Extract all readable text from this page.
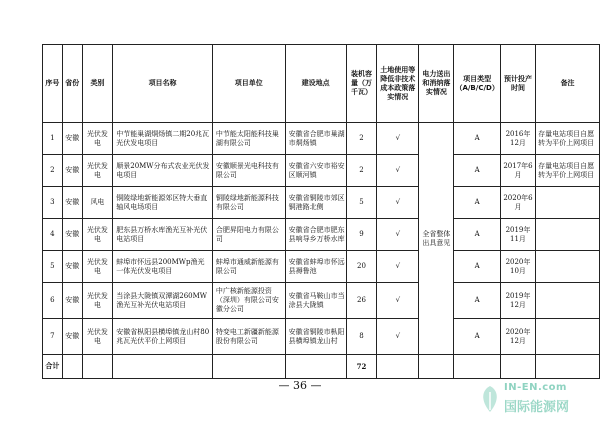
序号	省份	类别	项目名称	项目单位	建设地点	装机容量（万千瓦）	土地使用等降低非技术成本政策落实情况	电力送出和消纳落实情况	项目类型（A/B/C/D）	预计投产时间	备注
1	安徽	光伏发电	中节能巢湖烔炀镇二期20兆瓦光伏发电项目	中节能太阳能科技巢湖有限公司	安徽省合肥市巢湖市烔炀镇	2	√	全省整体出具意见	A	2016年12月	存量电站项目自愿转为平价上网项目
2	安徽	光伏发电	顺景20MW分布式农业光伏发电项目	安徽顺景光电科技有限公司	安徽省六安市裕安区顺河镇	2	√		A	2017年6月	存量电站项目自愿转为平价上网项目
3	安徽	风电	铜陵绿地新能源郊区特大垂直轴风电场项目	铜陵绿地新能源科技有限公司	安徽省铜陵市郊区铜港路北侧	5	√		A	2020年6月	
4	安徽	光伏发电	肥东县万桥水库渔光互补光伏电站项目	合肥昇阳电力有限公司	安徽省合肥市肥东县响导乡万桥水库	9	√		A	2019年11月	
5	安徽	光伏发电	蚌埠市怀远县200MWp渔光一体光伏发电项目	蚌埠市通威新能源有限公司	安徽省蚌埠市怀远县褥鲁池	20	√		A	2020年10月	
6	安徽	光伏发电	当涂县大陇镇双潭湖260MW渔光互补光伏电站项目	中广核新能源投资（深圳）有限公司安徽分公司	安徽省马鞍山市当涂县大陇镇	26	√		A	2019年12月	
7	安徽	光伏发电	安徽省枞阳县横埠镇龙山村80兆瓦光伏平价上网项目	特变电工新疆新能源股份有限公司	安徽省铜陵市枞阳县横埠镇龙山村	8	√		A	2020年12月	
合计						72					
— 36 —	IN-EN.com
国际能源网
